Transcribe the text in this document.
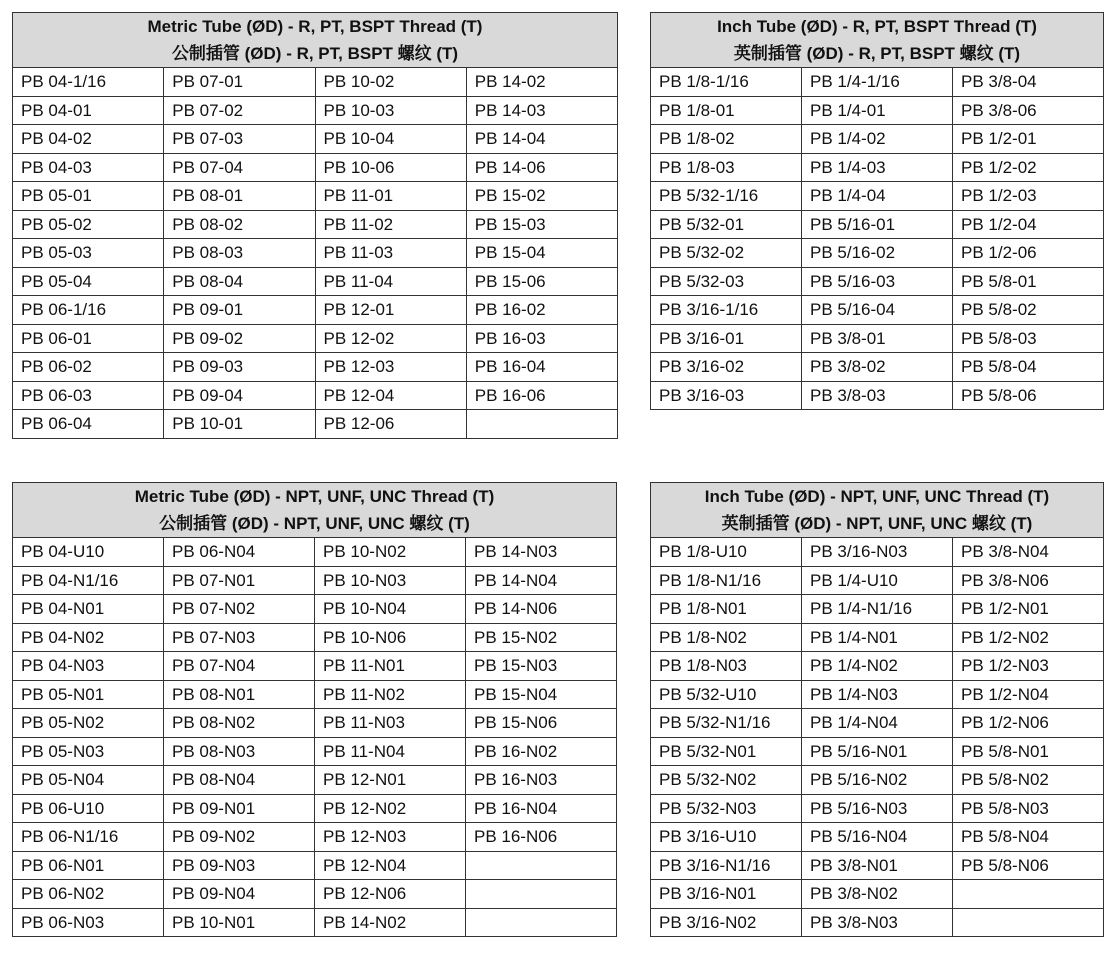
Metric Tube (ØD) - R, PT, BSPT Thread (T)
公制插管 (ØD) - R, PT, BSPT 螺纹 (T)			

PB 04-1/16	PB 07-01	PB 10-02	PB 14-02
PB 04-01	PB 07-02	PB 10-03	PB 14-03
PB 04-02	PB 07-03	PB 10-04	PB 14-04
PB 04-03	PB 07-04	PB 10-06	PB 14-06
PB 05-01	PB 08-01	PB 11-01	PB 15-02
PB 05-02	PB 08-02	PB 11-02	PB 15-03
PB 05-03	PB 08-03	PB 11-03	PB 15-04
PB 05-04	PB 08-04	PB 11-04	PB 15-06
PB 06-1/16	PB 09-01	PB 12-01	PB 16-02
PB 06-01	PB 09-02	PB 12-02	PB 16-03
PB 06-02	PB 09-03	PB 12-03	PB 16-04
PB 06-03	PB 09-04	PB 12-04	PB 16-06
PB 06-04	PB 10-01	PB 12-06	
Inch Tube (ØD) - R, PT, BSPT Thread (T)
英制插管 (ØD) - R, PT, BSPT 螺纹 (T)		

PB 1/8-1/16	PB 1/4-1/16	PB 3/8-04
PB 1/8-01	PB 1/4-01	PB 3/8-06
PB 1/8-02	PB 1/4-02	PB 1/2-01
PB 1/8-03	PB 1/4-03	PB 1/2-02
PB 5/32-1/16	PB 1/4-04	PB 1/2-03
PB 5/32-01	PB 5/16-01	PB 1/2-04
PB 5/32-02	PB 5/16-02	PB 1/2-06
PB 5/32-03	PB 5/16-03	PB 5/8-01
PB 3/16-1/16	PB 5/16-04	PB 5/8-02
PB 3/16-01	PB 3/8-01	PB 5/8-03
PB 3/16-02	PB 3/8-02	PB 5/8-04
PB 3/16-03	PB 3/8-03	PB 5/8-06
Metric Tube (ØD) - NPT, UNF, UNC Thread (T)
公制插管 (ØD) - NPT, UNF, UNC 螺纹 (T)			

PB 04-U10	PB 06-N04	PB 10-N02	PB 14-N03
PB 04-N1/16	PB 07-N01	PB 10-N03	PB 14-N04
PB 04-N01	PB 07-N02	PB 10-N04	PB 14-N06
PB 04-N02	PB 07-N03	PB 10-N06	PB 15-N02
PB 04-N03	PB 07-N04	PB 11-N01	PB 15-N03
PB 05-N01	PB 08-N01	PB 11-N02	PB 15-N04
PB 05-N02	PB 08-N02	PB 11-N03	PB 15-N06
PB 05-N03	PB 08-N03	PB 11-N04	PB 16-N02
PB 05-N04	PB 08-N04	PB 12-N01	PB 16-N03
PB 06-U10	PB 09-N01	PB 12-N02	PB 16-N04
PB 06-N1/16	PB 09-N02	PB 12-N03	PB 16-N06
PB 06-N01	PB 09-N03	PB 12-N04	
PB 06-N02	PB 09-N04	PB 12-N06	
PB 06-N03	PB 10-N01	PB 14-N02	
Inch Tube (ØD) - NPT, UNF, UNC Thread (T)
英制插管 (ØD) - NPT, UNF, UNC 螺纹 (T)		

PB 1/8-U10	PB 3/16-N03	PB 3/8-N04
PB 1/8-N1/16	PB 1/4-U10	PB 3/8-N06
PB 1/8-N01	PB 1/4-N1/16	PB 1/2-N01
PB 1/8-N02	PB 1/4-N01	PB 1/2-N02
PB 1/8-N03	PB 1/4-N02	PB 1/2-N03
PB 5/32-U10	PB 1/4-N03	PB 1/2-N04
PB 5/32-N1/16	PB 1/4-N04	PB 1/2-N06
PB 5/32-N01	PB 5/16-N01	PB 5/8-N01
PB 5/32-N02	PB 5/16-N02	PB 5/8-N02
PB 5/32-N03	PB 5/16-N03	PB 5/8-N03
PB 3/16-U10	PB 5/16-N04	PB 5/8-N04
PB 3/16-N1/16	PB 3/8-N01	PB 5/8-N06
PB 3/16-N01	PB 3/8-N02	
PB 3/16-N02	PB 3/8-N03	
